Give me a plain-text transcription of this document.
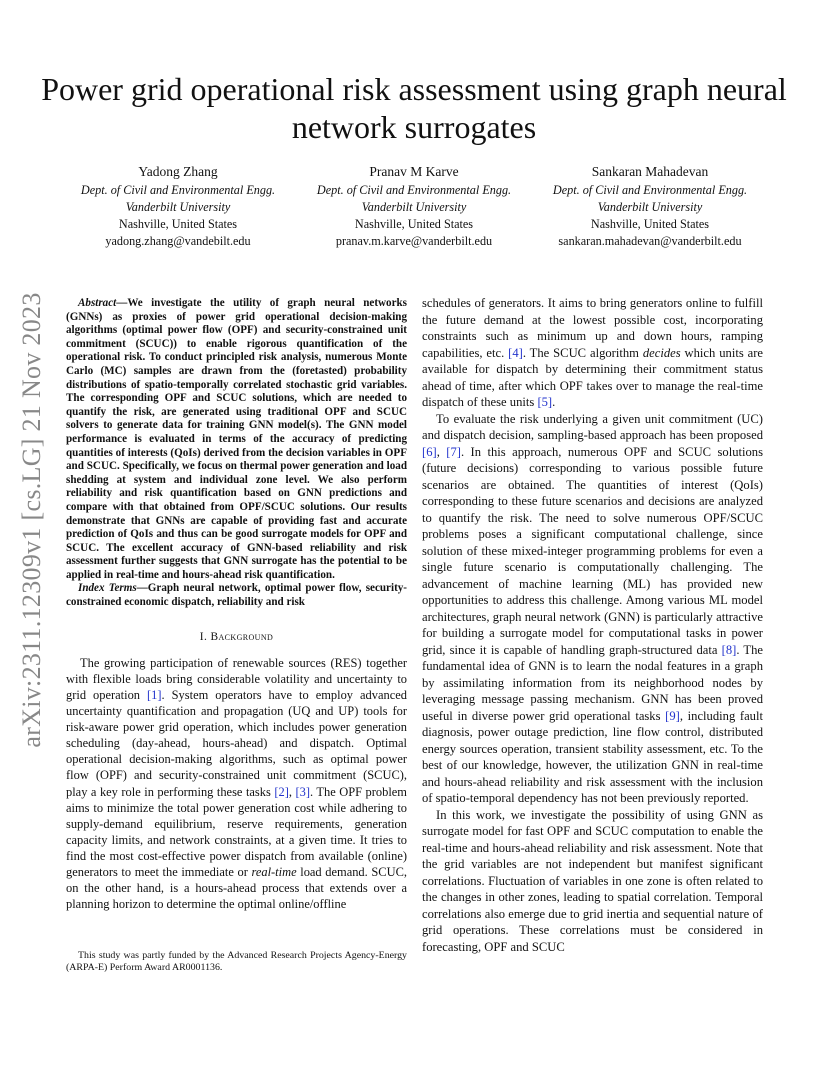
Power grid operational risk assessment using graph neural network surrogates
Yadong Zhang
Dept. of Civil and Environmental Engg.
Vanderbilt University
Nashville, United States
yadong.zhang@vandebilt.edu
Pranav M Karve
Dept. of Civil and Environmental Engg.
Vanderbilt University
Nashville, United States
pranav.m.karve@vanderbilt.edu
Sankaran Mahadevan
Dept. of Civil and Environmental Engg.
Vanderbilt University
Nashville, United States
sankaran.mahadevan@vanderbilt.edu
arXiv:2311.12309v1 [cs.LG] 21 Nov 2023	Abstract—We investigate the utility of graph neural networks (GNNs) as proxies of power grid operational decision-making algorithms (optimal power flow (OPF) and security-constrained unit commitment (SCUC)) to enable rigorous quantification of the operational risk. To conduct principled risk analysis, numerous Monte Carlo (MC) samples are drawn from the (foretasted) probability distributions of spatio-temporally correlated stochastic grid variables. The corresponding OPF and SCUC solutions, which are needed to quantify the risk, are generated using traditional OPF and SCUC solvers to generate data for training GNN model(s). The GNN model performance is evaluated in terms of the accuracy of predicting quantities of interests (QoIs) derived from the decision variables in OPF and SCUC. Specifically, we focus on thermal power generation and load shedding at system and individual zone level. We also perform reliability and risk quantification based on GNN predictions and compare with that obtained from OPF/SCUC solutions. Our results demonstrate that GNNs are capable of providing fast and accurate prediction of QoIs and thus can be good surrogate models for OPF and SCUC. The excellent accuracy of GNN-based reliability and risk assessment further suggests that GNN surrogate has the potential to be applied in real-time and hours-ahead risk quantification.

Index Terms—Graph neural network, optimal power flow, security-constrained economic dispatch, reliability and risk

I. Background

The growing participation of renewable sources (RES) together with flexible loads bring considerable volatility and uncertainty to grid operation [1]. System operators have to employ advanced uncertainty quantification and propagation (UQ and UP) tools for risk-aware power grid operation, which includes power generation scheduling (day-ahead, hours-ahead) and dispatch. Optimal operational decision-making algorithms, such as optimal power flow (OPF) and security-constrained unit commitment (SCUC), play a key role in performing these tasks [2], [3]. The OPF problem aims to minimize the total power generation cost while adhering to supply-demand equilibrium, reserve requirements, generation capacity limits, and network constraints, at a given time. It tries to find the most cost-effective power dispatch from available (online) generators to meet the immediate or real-time load demand. SCUC, on the other hand, is a hours-ahead process that extends over a planning horizon to determine the optimal online/offline

schedules of generators. It aims to bring generators online to fulfill the future demand at the lowest possible cost, incorporating constraints such as minimum up and down hours, ramping capabilities, etc. [4]. The SCUC algorithm decides which units are available for dispatch by determining their commitment status ahead of time, after which OPF takes over to manage the real-time dispatch of these units [5].

To evaluate the risk underlying a given unit commitment (UC) and dispatch decision, sampling-based approach has been proposed [6], [7]. In this approach, numerous OPF and SCUC solutions (future decisions) corresponding to various possible future scenarios are obtained. The quantities of interest (QoIs) corresponding to these future scenarios and decisions are analyzed to quantify the risk. The need to solve numerous OPF/SCUC problems poses a significant computational challenge, since solution of these mixed-integer programming problems for even a single future scenario is computationally challenging. The advancement of machine learning (ML) has provided new opportunities to address this challenge. Among various ML model architectures, graph neural network (GNN) is particularly attractive for building a surrogate model for computational tasks in power grid, since it is capable of handling graph-structured data [8]. The fundamental idea of GNN is to learn the nodal features in a graph by assimilating information from its neighborhood nodes by leveraging message passing mechanism. GNN has been proved useful in diverse power grid operational tasks [9], including fault diagnosis, power outage prediction, line flow control, distributed energy sources operation, transient stability assessment, etc. To the best of our knowledge, however, the utilization GNN in real-time and hours-ahead reliability and risk assessment with the inclusion of spatio-temporal dependency has not been previously reported.

In this work, we investigate the possibility of using GNN as surrogate model for fast OPF and SCUC computation to enable the real-time and hours-ahead reliability and risk assessment. Note that the grid variables are not independent but manifest significant correlations. Fluctuation of variables in one zone is often related to the changes in other zones, leading to spatial correlation. Temporal correlations also emerge due to grid inertia and sequential nature of grid operations. These correlations must be considered in forecasting, OPF and SCUC

This study was partly funded by the Advanced Research Projects Agency-Energy (ARPA-E) Perform Award AR0001136.
